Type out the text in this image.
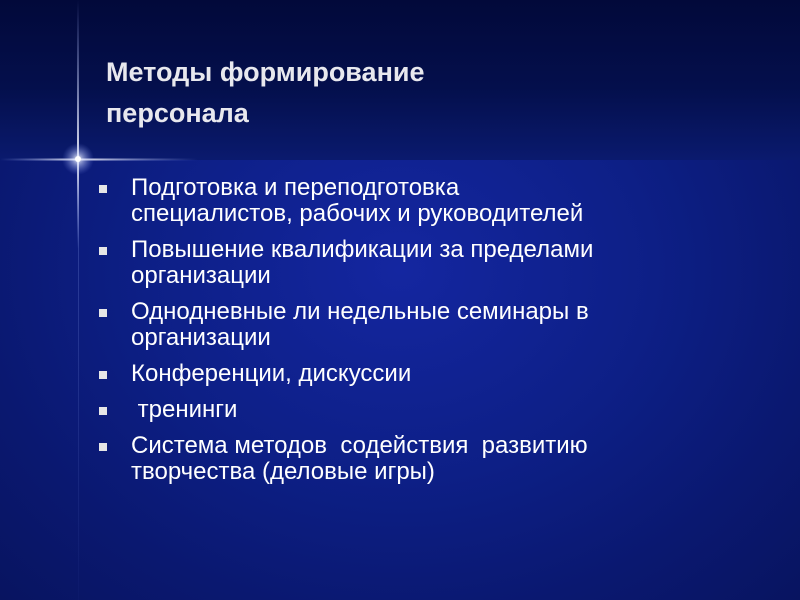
Методы формирование
персонала
Подготовка и переподготовка
специалистов, рабочих и руководителей
Повышение квалификации за пределами
организации
Однодневные ли недельные семинары в
организации
Конференции, дискуссии
тренинги
Система методов  содействия  развитию
творчества (деловые игры)
